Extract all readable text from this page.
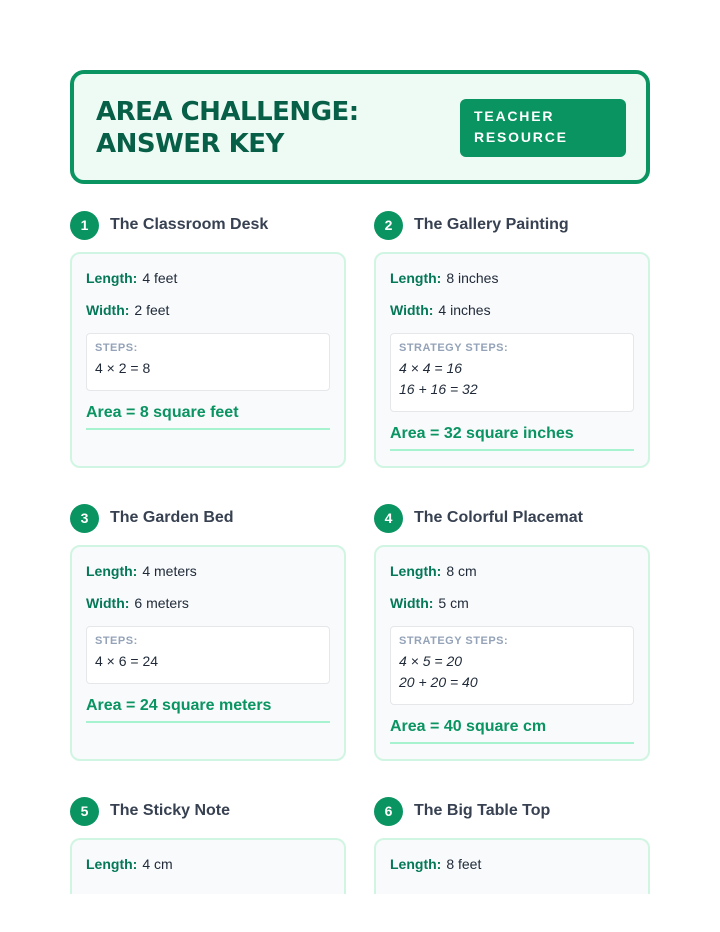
AREA CHALLENGE:
ANSWER KEY
TEACHER
RESOURCE
1	The Classroom Desk
Length: 4 feet
Width: 2 feet
STEPS:
4 × 2 = 8
Area = 8 square feet
2	The Gallery Painting
Length: 8 inches
Width: 4 inches
STRATEGY STEPS:
4 × 4 = 16
16 + 16 = 32
Area = 32 square inches
3	The Garden Bed
Length: 4 meters
Width: 6 meters
STEPS:
4 × 6 = 24
Area = 24 square meters
4	The Colorful Placemat
Length: 8 cm
Width: 5 cm
STRATEGY STEPS:
4 × 5 = 20
20 + 20 = 40
Area = 40 square cm
5	The Sticky Note
Length: 4 cm
6	The Big Table Top
Length: 8 feet
